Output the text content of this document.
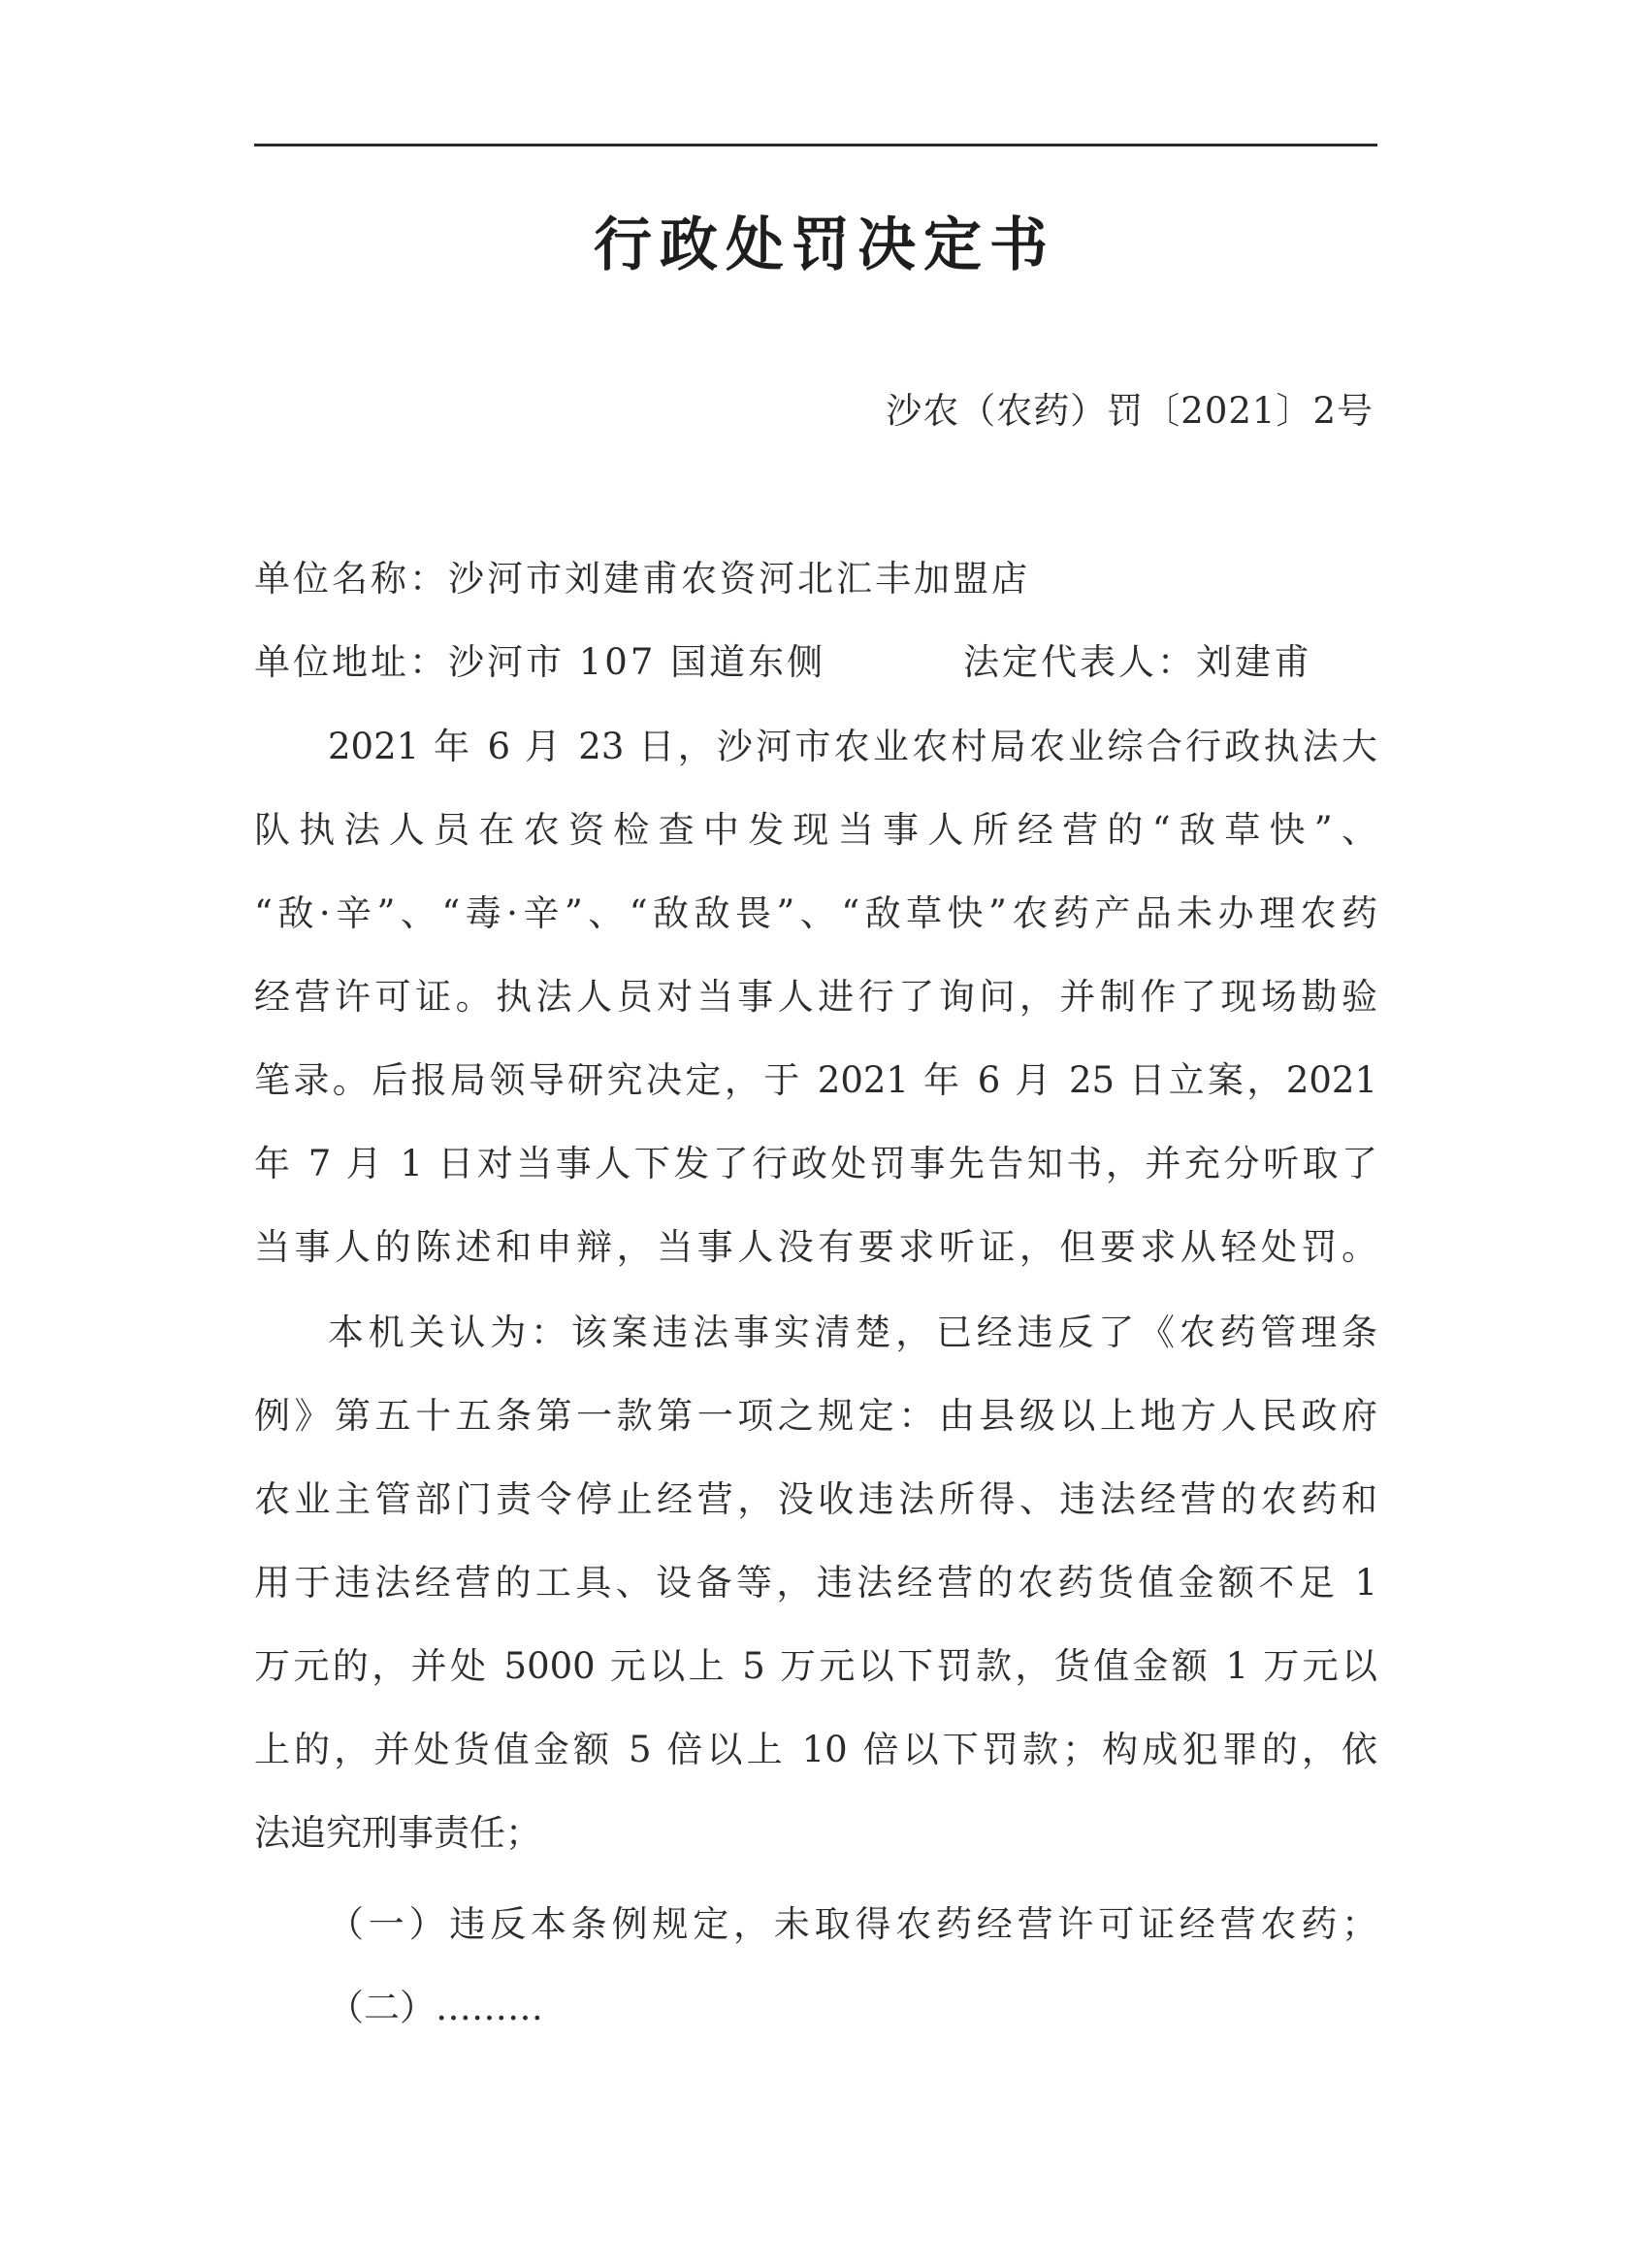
行政处罚决定书
沙农（农药）罚〔2021〕2号
单位名称：沙河市刘建甫农资河北汇丰加盟店
单位地址：沙河市 107 国道东侧	法定代表人：刘建甫
2021 年 6 月 23 日，沙河市农业农村局农业综合行政执法大
队执法人员在农资检查中发现当事人所经营的“敌草快”、
“敌·辛”、“毒·辛”、“敌敌畏”、“敌草快”农药产品未办理农药
经营许可证。执法人员对当事人进行了询问，并制作了现场勘验
笔录。后报局领导研究决定，于 2021 年 6 月 25 日立案，2021
年 7 月 1 日对当事人下发了行政处罚事先告知书，并充分听取了
当事人的陈述和申辩，当事人没有要求听证，但要求从轻处罚。
本机关认为：该案违法事实清楚，已经违反了《农药管理条
例》第五十五条第一款第一项之规定：由县级以上地方人民政府
农业主管部门责令停止经营，没收违法所得、违法经营的农药和
用于违法经营的工具、设备等，违法经营的农药货值金额不足 1
万元的，并处 5000 元以上 5 万元以下罚款，货值金额 1 万元以
上的，并处货值金额 5 倍以上 10 倍以下罚款；构成犯罪的，依
法追究刑事责任；
（一）违反本条例规定，未取得农药经营许可证经营农药；
（二）………
